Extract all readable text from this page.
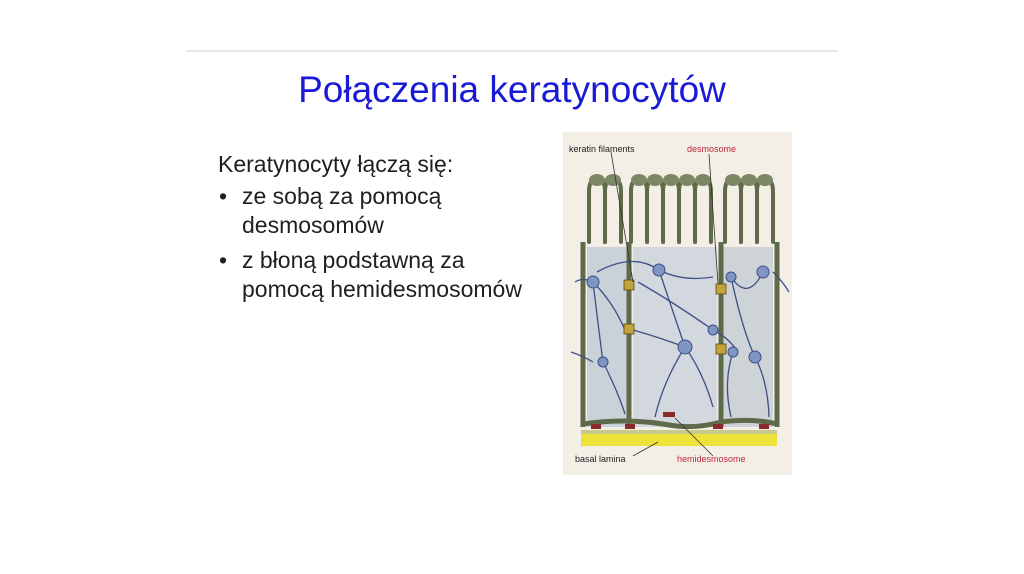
Połączenia keratynocytów
Keratynocyty łączą się:
• ze sobą za pomocą desmosomów
• z błoną podstawną za pomocą hemidesmosomów
keratin filaments	desmosome
basal lamina	hemidesmosome
